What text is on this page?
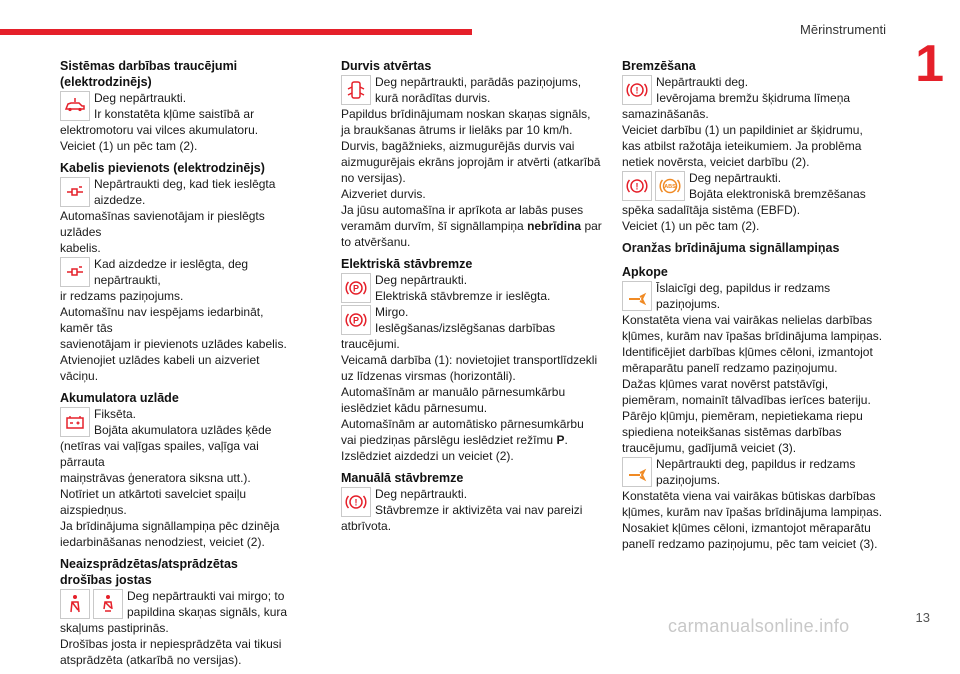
Mērinstrumenti
1
13
carmanualsonline.info
Sistēmas darbības traucējumi (elektrodzinējs)
Deg nepārtraukti.
Ir konstatēta kļūme saistībā ar
elektromotoru vai vilces akumulatoru.
Veiciet (1) un pēc tam (2).
Kabelis pievienots (elektrodzinējs)
Nepārtraukti deg, kad tiek ieslēgta
aizdedze.
Automašīnas savienotājam ir pieslēgts uzlādes
kabelis.
Kad aizdedze ir ieslēgta, deg nepārtraukti,
ir redzams paziņojums.
Automašīnu nav iespējams iedarbināt, kamēr tās
savienotājam ir pievienots uzlādes kabelis.
Atvienojiet uzlādes kabeli un aizveriet vāciņu.
Akumulatora uzlāde
Fiksēta.
Bojāta akumulatora uzlādes ķēde
(netīras vai vaļīgas spailes, vaļīga vai pārrauta
maiņstrāvas ģeneratora siksna utt.).
Notīriet un atkārtoti savelciet spaiļu aizspiedņus.
Ja brīdinājuma signāllampiņa pēc dzinēja
iedarbināšanas nenodziest, veiciet (2).
Neaizsprādzētas/atsprādzētas drošības jostas
Deg nepārtraukti vai mirgo; to
papildina skaņas signāls, kura
skaļums pastiprinās.
Drošības josta ir nepiesprādzēta vai tikusi
atsprādzēta (atkarībā no versijas).
Durvis atvērtas
Deg nepārtraukti, parādās paziņojums,
kurā norādītas durvis.
Papildus brīdinājumam noskan skaņas signāls,
ja braukšanas ātrums ir lielāks par 10 km/h.
Durvis, bagāžnieks, aizmugurējās durvis vai
aizmugurējais ekrāns joprojām ir atvērti (atkarībā
no versijas).
Aizveriet durvis.
Ja jūsu automašīna ir aprīkota ar labās puses
veramām durvīm, šī signāllampiņa nebrīdina par
to atvēršanu.
Elektriskā stāvbremze
P
Deg nepārtraukti.
Elektriskā stāvbremze ir ieslēgta.
P
Mirgo.
Ieslēgšanas/izslēgšanas darbības
traucējumi.
Veicamā darbība (1): novietojiet transportlīdzekli
uz līdzenas virsmas (horizontāli).
Automašīnām ar manuālo pārnesumkārbu
ieslēdziet kādu pārnesumu.
Automašīnām ar automātisko pārnesumkārbu
vai piedziņas pārslēgu ieslēdziet režīmu P.
Izslēdziet aizdedzi un veiciet (2).
Manuālā stāvbremze
!
Deg nepārtraukti.
Stāvbremze ir aktivizēta vai nav pareizi
atbrīvota.
Bremzēšana
!
Nepārtraukti deg.
Ievērojama bremžu šķidruma līmeņa
samazināšanās.
Veiciet darbību (1) un papildiniet ar šķidrumu,
kas atbilst ražotāja ieteikumiem. Ja problēma
netiek novērsta, veiciet darbību (2).
!	ABS
Deg nepārtraukti.
Bojāta elektroniskā bremzēšanas
spēka sadalītāja sistēma (EBFD).
Veiciet (1) un pēc tam (2).
Oranžas brīdinājuma signāllampiņas
Apkope
Īslaicīgi deg, papildus ir redzams
paziņojums.
Konstatēta viena vai vairākas nelielas darbības
kļūmes, kurām nav īpašas brīdinājuma lampiņas.
Identificējiet darbības kļūmes cēloni, izmantojot
mēraparātu panelī redzamo paziņojumu.
Dažas kļūmes varat novērst patstāvīgi,
piemēram, nomainīt tālvadības ierīces bateriju.
Pārējo kļūmju, piemēram, nepietiekama riepu
spiediena noteikšanas sistēmas darbības
traucējumu, gadījumā veiciet (3).
Nepārtraukti deg, papildus ir redzams
paziņojums.
Konstatēta viena vai vairākas būtiskas darbības
kļūmes, kurām nav īpašas brīdinājuma lampiņas.
Nosakiet kļūmes cēloni, izmantojot mēraparātu
panelī redzamo paziņojumu, pēc tam veiciet (3).
